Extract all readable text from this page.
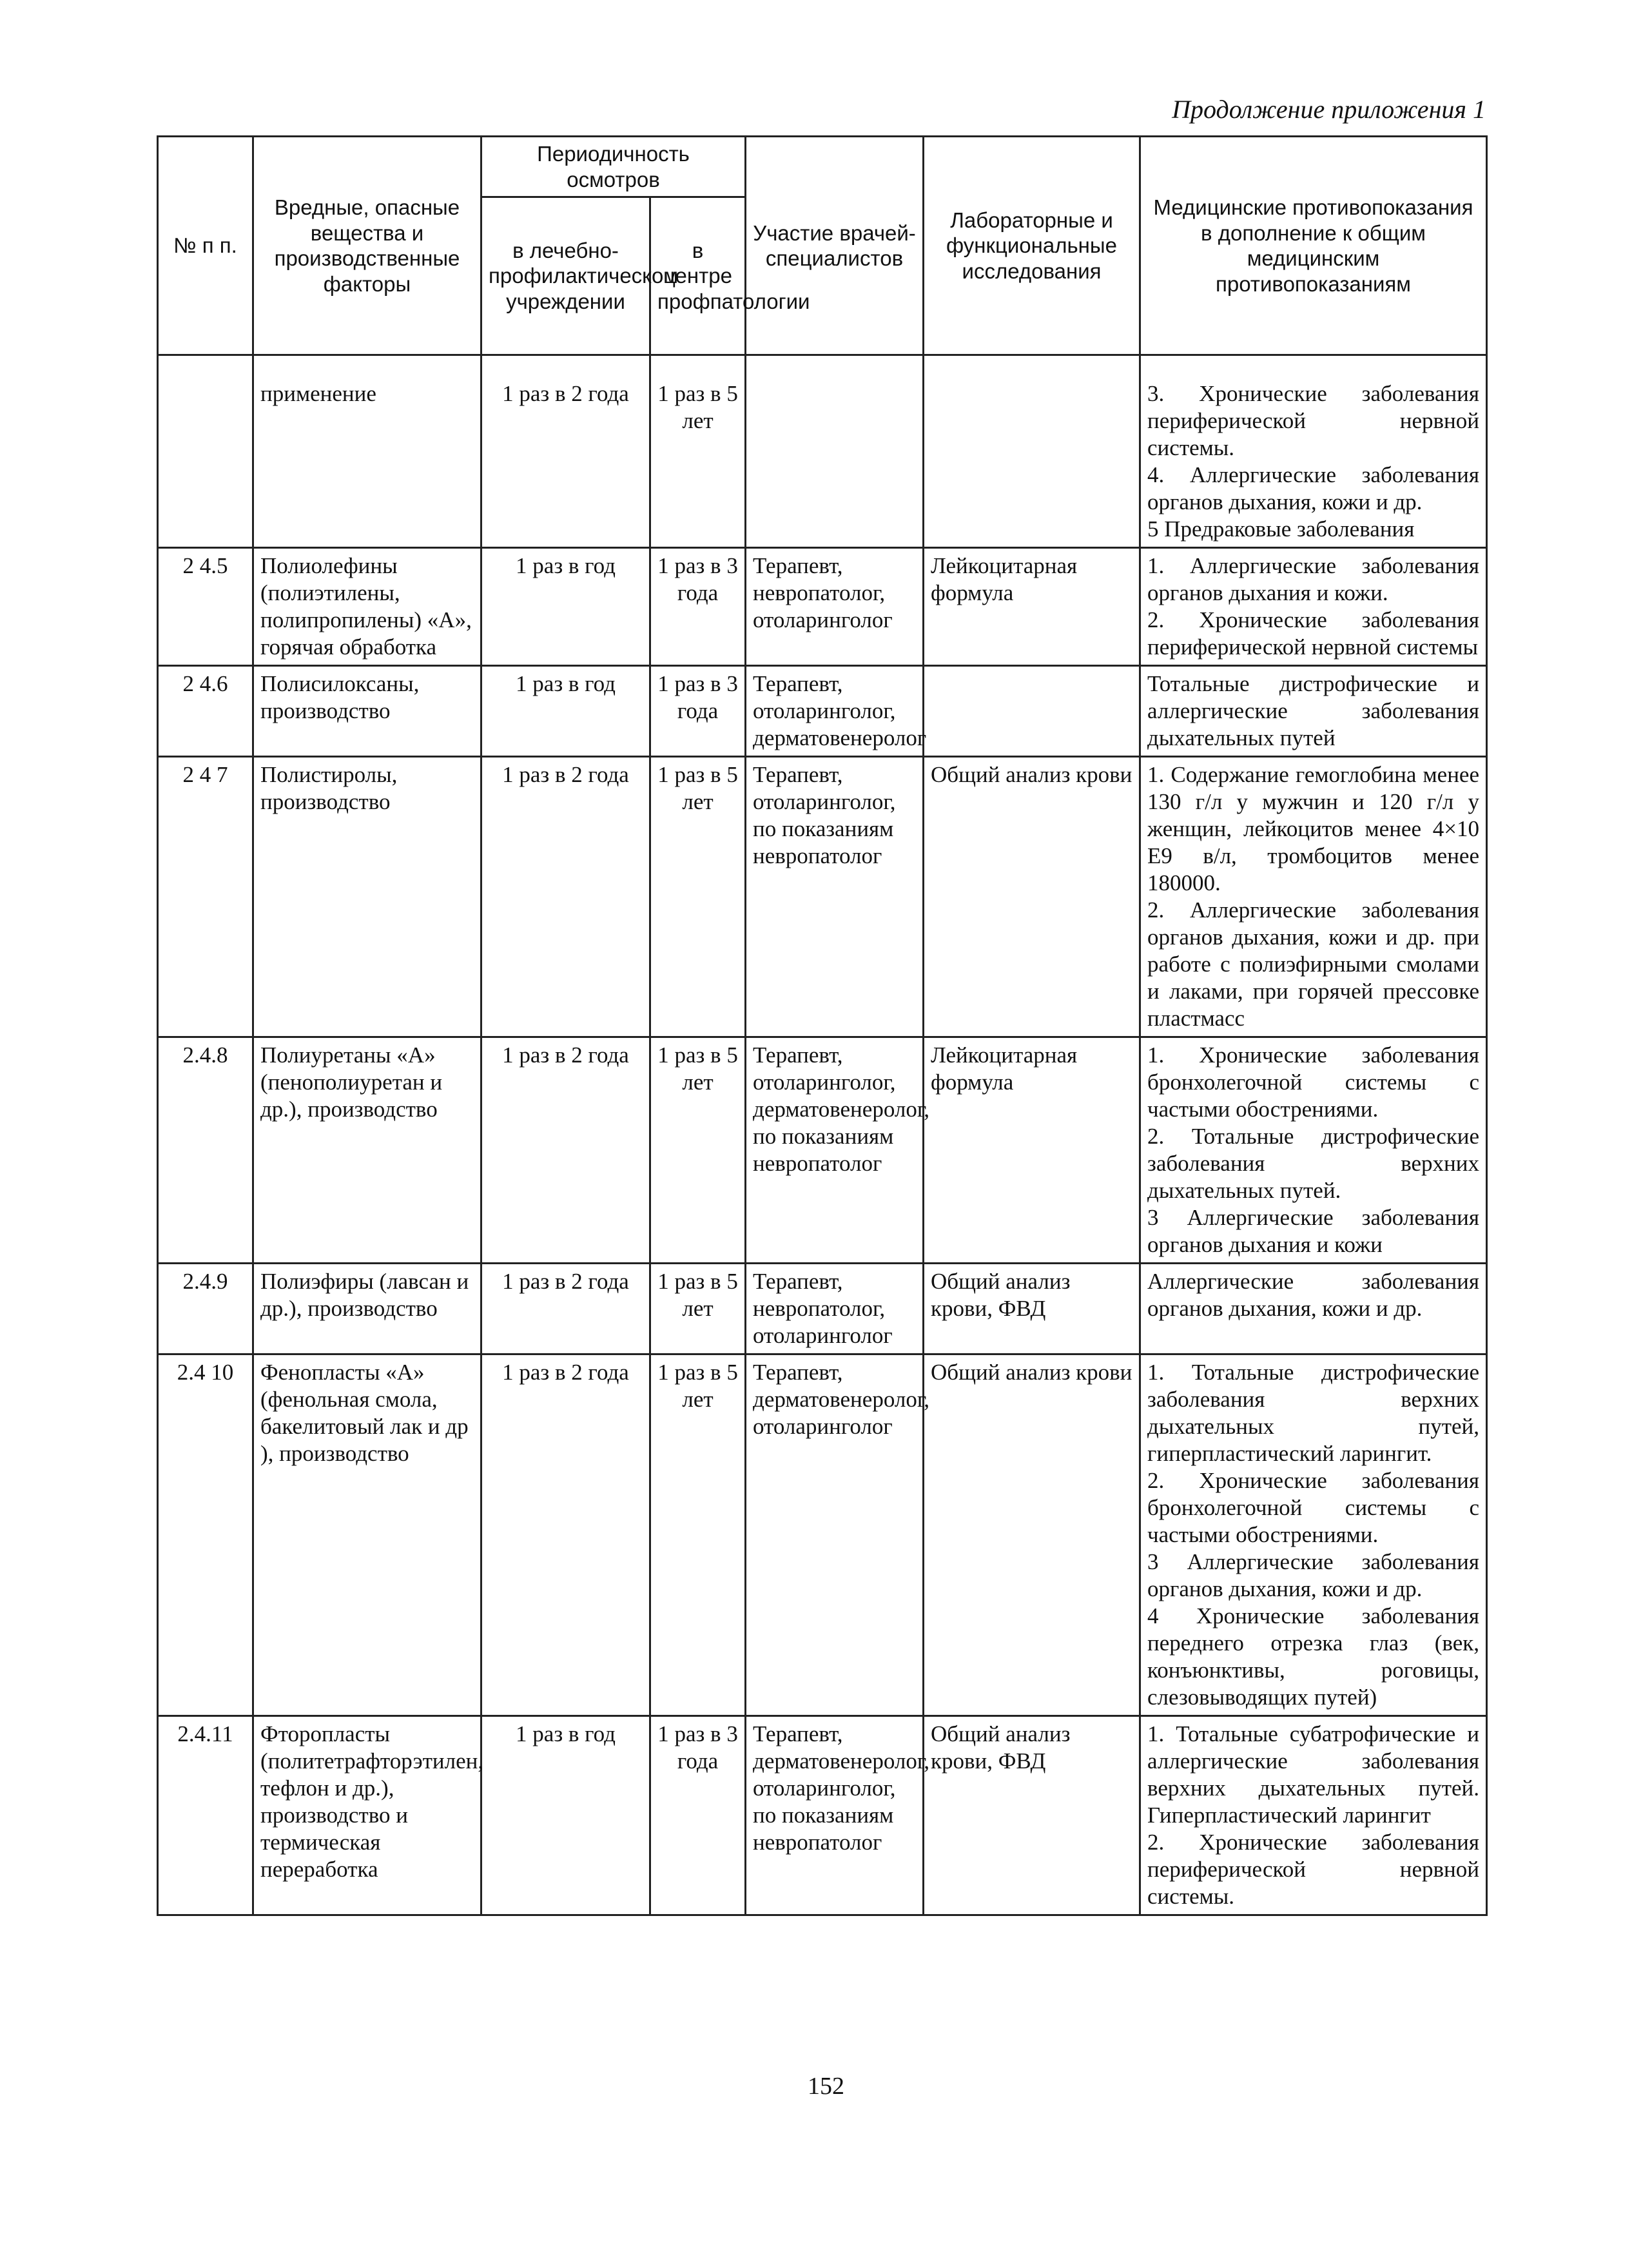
Продолжение приложения 1
№ п п.	Вредные, опасные вещества и производственные факторы	Периодичность осмотров		Участие врачей-специалистов	Лабораторные и функциональные исследования	Медицинские противопоказания в дополнение к общим медицинским противопоказаниям
		в лечебно-профилактическом учреждении	в центре профпатологии			
	применение	1 раз в 2 года	1 раз в 5 лет			3. Хронические заболевания периферической нервной системы.
4. Аллергические заболевания органов дыхания, кожи и др.
5 Предраковые заболевания

2 4.5	Полиолефины (полиэтилены, полипропилены) «А», горячая обработка	1 раз в год	1 раз в 3 года	Терапевт, невропатолог, отоларинголог	Лейкоцитарная формула	1. Аллергические заболевания органов дыхания и кожи.
2. Хронические заболевания периферической нервной системы

2 4.6	Полисилоксаны, производство	1 раз в год	1 раз в 3 года	Терапевт, отоларинголог, дерматовенеролог		Тотальные дистрофические и аллергические заболевания дыхательных путей

2 4 7	Полистиролы, производство	1 раз в 2 года	1 раз в 5 лет	Терапевт, отоларинголог, по показаниям невропатолог	Общий анализ крови	1. Содержание гемоглобина менее 130 г/л у мужчин и 120 г/л у женщин, лейкоцитов менее 4×10 Е9 в/л, тромбоцитов менее 180000.
2. Аллергические заболевания органов дыхания, кожи и др. при работе с полиэфирными смолами и лаками, при горячей прессовке пластмасс

2.4.8	Полиуретаны «А» (пенополиуретан и др.), производство	1 раз в 2 года	1 раз в 5 лет	Терапевт, отоларинголог, дерматовенеролог, по показаниям невропатолог	Лейкоцитарная формула	1. Хронические заболевания бронхолегочной системы с частыми обострениями.
2. Тотальные дистрофические заболевания верхних дыхательных путей.
3 Аллергические заболевания органов дыхания и кожи

2.4.9	Полиэфиры (лавсан и др.), производство	1 раз в 2 года	1 раз в 5 лет	Терапевт, невропатолог, отоларинголог	Общий анализ крови, ФВД	Аллергические заболевания органов дыхания, кожи и др.

2.4 10	Фенопласты «А» (фенольная смола, бакелитовый лак и др ), производство	1 раз в 2 года	1 раз в 5 лет	Терапевт, дерматовенеролог, отоларинголог	Общий анализ крови	1. Тотальные дистрофические заболевания верхних дыхательных путей, гиперпластический ларингит.
2. Хронические заболевания бронхолегочной системы с частыми обострениями.
3 Аллергические заболевания органов дыхания, кожи и др.
4 Хронические заболевания переднего отрезка глаз (век, конъюнктивы, роговицы, слезовыводящих путей)

2.4.11	Фторопласты (политетрафторэтилен, тефлон и др.), производство и термическая переработка	1 раз в год	1 раз в 3 года	Терапевт, дерматовенеролог, отоларинголог, по показаниям невропатолог	Общий анализ крови, ФВД	1. Тотальные субатрофические и аллергические заболевания верхних дыхательных путей. Гиперпластический ларингит
2. Хронические заболевания периферической нервной системы.
152
